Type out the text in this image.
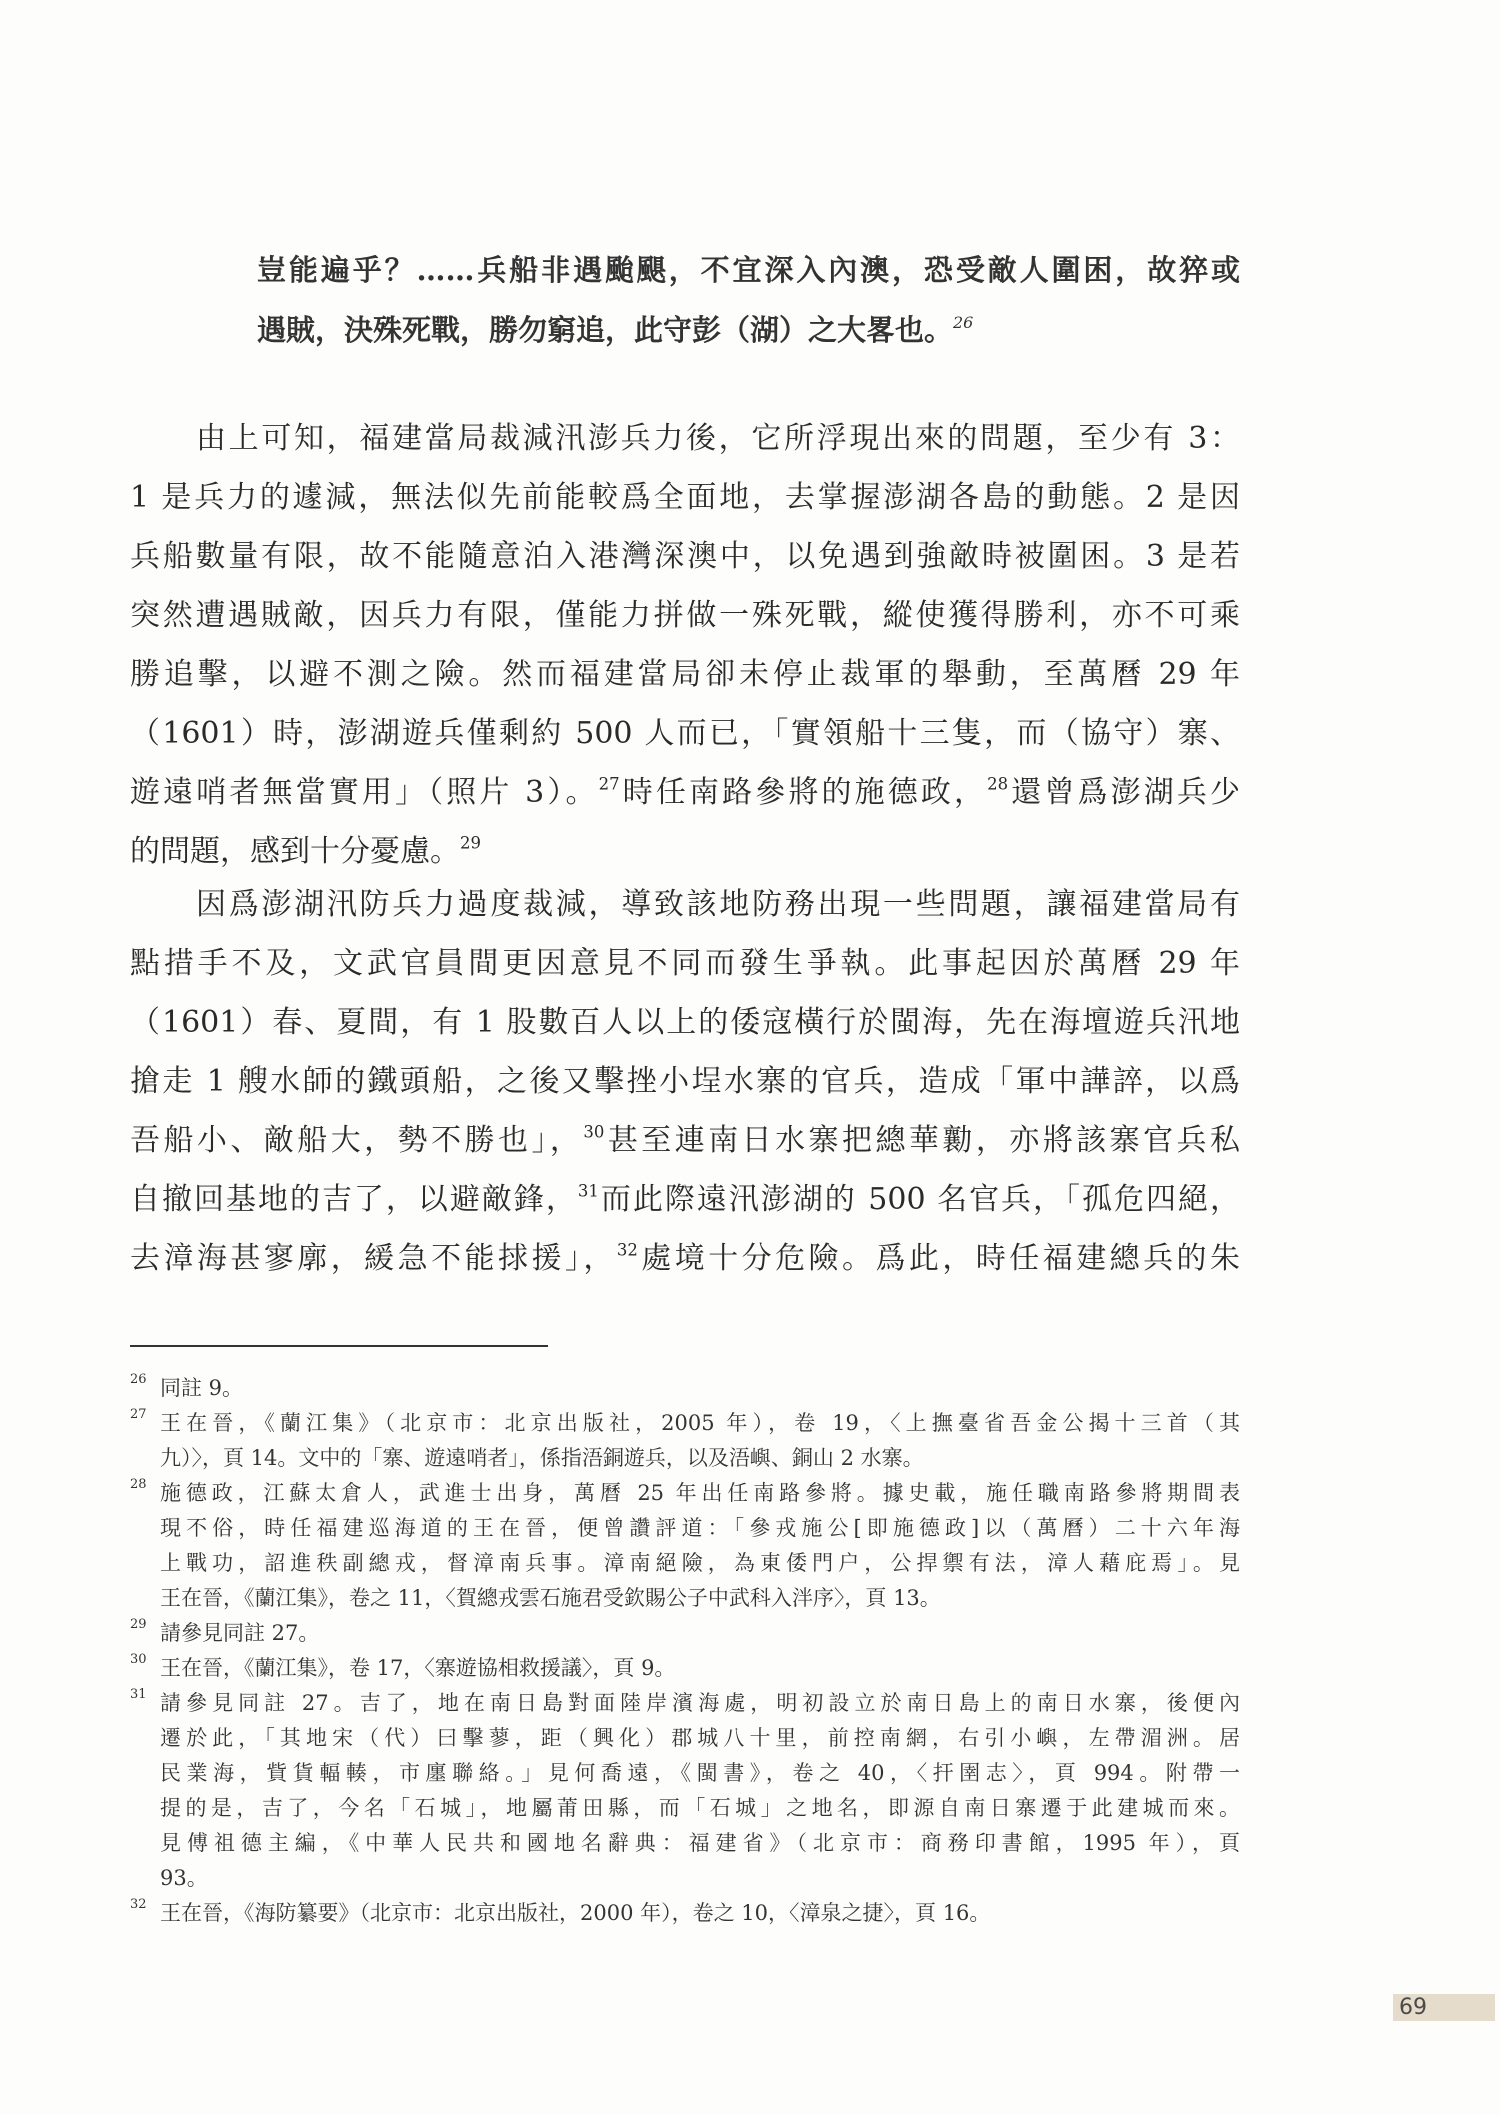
豈能遍乎？……兵船非遇颱颶，不宜深入內澳，恐受敵人圍困，故猝或
遇賊，決殊死戰，勝勿窮追，此守彭（湖）之大畧也。$^{26}$
由上可知，福建當局裁減汛澎兵力後，它所浮現出來的問題，至少有 3：
1 是兵力的遽減，無法似先前能較爲全面地，去掌握澎湖各島的動態。2 是因
兵船數量有限，故不能隨意泊入港灣深澳中，以免遇到強敵時被圍困。3 是若
突然遭遇賊敵，因兵力有限，僅能力拼做一殊死戰，縱使獲得勝利，亦不可乘
勝追擊，以避不測之險。然而福建當局卻未停止裁軍的舉動，至萬曆 29 年
（1601）時，澎湖遊兵僅剩約 500 人而已，「實領船十三隻，而（協守）寨、
遊遠哨者無當實用」（照片 3）。$^{27}$時任南路參將的施德政，$^{28}$還曾爲澎湖兵少
的問題，感到十分憂慮。$^{29}$
因爲澎湖汛防兵力過度裁減，導致該地防務出現一些問題，讓福建當局有
點措手不及，文武官員間更因意見不同而發生爭執。此事起因於萬曆 29 年
（1601）春、夏間，有 1 股數百人以上的倭寇橫行於閩海，先在海壇遊兵汛地
搶走 1 艘水師的鐵頭船，之後又擊挫小埕水寨的官兵，造成「軍中譁誶，以爲
吾船小、敵船大，勢不勝也」，$^{30}$甚至連南日水寨把總華勷，亦將該寨官兵私
自撤回基地的吉了，以避敵鋒，$^{31}$而此際遠汛澎湖的 500 名官兵，「孤危四絕，
去漳海甚寥廓，緩急不能捄援」，$^{32}$處境十分危險。爲此，時任福建總兵的朱
26 同註 9。
27 王在晉，《蘭江集》（北京市：北京出版社，2005 年），卷 19，〈上撫臺省吾金公揭十三首（其
九）〉，頁 14。文中的「寨、遊遠哨者」，係指浯銅遊兵，以及浯嶼、銅山 2 水寨。
28 施德政，江蘇太倉人，武進士出身，萬曆 25 年出任南路參將。據史載，施任職南路參將期間表
現不俗，時任福建巡海道的王在晉，便曾讚評道：「參戎施公[即施德政]以（萬曆）二十六年海
上戰功，詔進秩副總戎，督漳南兵事。漳南絕險，為東倭門户，公捍禦有法，漳人藉庇焉」。見
王在晉，《蘭江集》，卷之 11，〈賀總戎雲石施君受欽賜公子中武科入泮序〉，頁 13。
29 請參見同註 27。
30 王在晉，《蘭江集》，卷 17，〈寨遊協相救援議〉，頁 9。
31 請參見同註 27。吉了，地在南日島對面陸岸濱海處，明初設立於南日島上的南日水寨，後便內
遷於此，「其地宋（代）曰擊蓼，距（興化）郡城八十里，前控南網，右引小嶼，左帶湄洲。居
民業海，貲貨輻輳，市廛聯絡。」見何喬遠，《閩書》，卷之 40，〈扞圉志〉，頁 994。附帶一
提的是，吉了，今名「石城」，地屬莆田縣，而「石城」之地名，即源自南日寨遷于此建城而來。
見傅祖德主編，《中華人民共和國地名辭典：福建省》（北京市：商務印書館，1995 年），頁
93。
32 王在晉，《海防纂要》（北京市：北京出版社，2000 年），卷之 10，〈漳泉之捷〉，頁 16。
69
